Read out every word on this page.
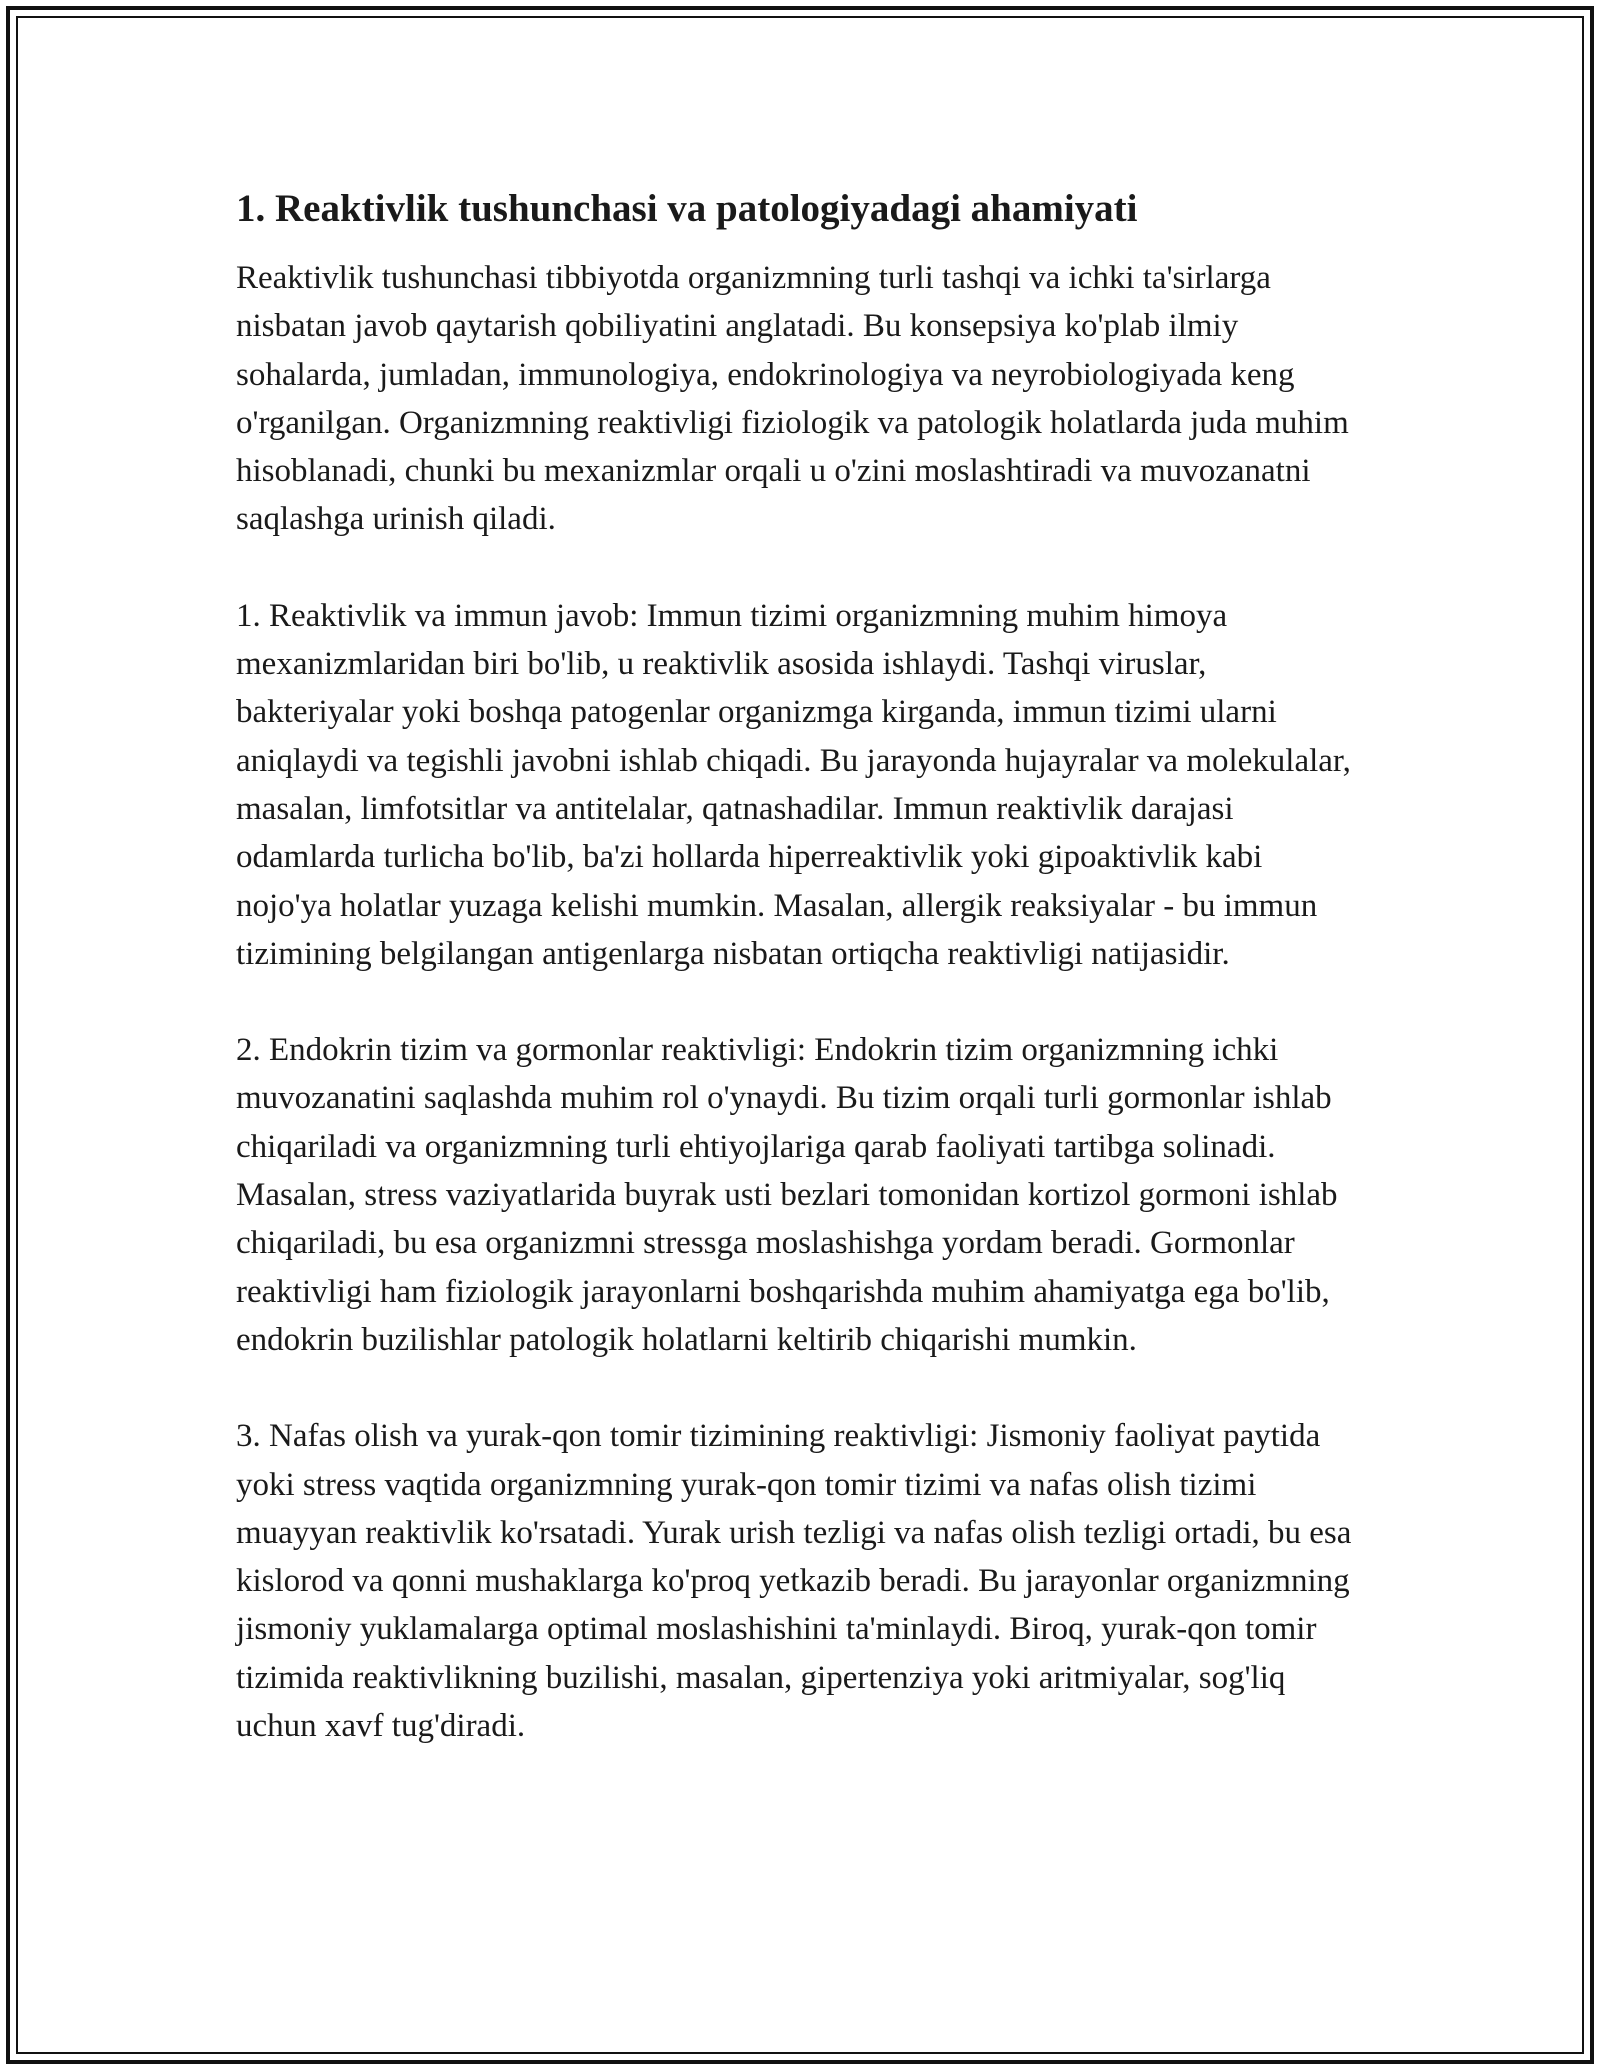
1. Reaktivlik tushunchasi va patologiyadagi ahamiyati

Reaktivlik tushunchasi tibbiyotda organizmning turli tashqi va ichki ta'sirlarga nisbatan javob qaytarish qobiliyatini anglatadi. Bu konsepsiya ko'plab ilmiy sohalarda, jumladan, immunologiya, endokrinologiya va neyrobiologiyada keng o'rganilgan. Organizmning reaktivligi fiziologik va patologik holatlarda juda muhim hisoblanadi, chunki bu mexanizmlar orqali u o'zini moslashtiradi va muvozanatni saqlashga urinish qiladi.

1. Reaktivlik va immun javob: Immun tizimi organizmning muhim himoya mexanizmlaridan biri bo'lib, u reaktivlik asosida ishlaydi. Tashqi viruslar, bakteriyalar yoki boshqa patogenlar organizmga kirganda, immun tizimi ularni aniqlaydi va tegishli javobni ishlab chiqadi. Bu jarayonda hujayralar va molekulalar, masalan, limfotsitlar va antitelalar, qatnashadilar. Immun reaktivlik darajasi odamlarda turlicha bo'lib, ba'zi hollarda hiperreaktivlik yoki gipoaktivlik kabi nojo'ya holatlar yuzaga kelishi mumkin. Masalan, allergik reaksiyalar - bu immun tizimining belgilangan antigenlarga nisbatan ortiqcha reaktivligi natijasidir.

2. Endokrin tizim va gormonlar reaktivligi: Endokrin tizim organizmning ichki muvozanatini saqlashda muhim rol o'ynaydi. Bu tizim orqali turli gormonlar ishlab chiqariladi va organizmning turli ehtiyojlariga qarab faoliyati tartibga solinadi. Masalan, stress vaziyatlarida buyrak usti bezlari tomonidan kortizol gormoni ishlab chiqariladi, bu esa organizmni stressga moslashishga yordam beradi. Gormonlar reaktivligi ham fiziologik jarayonlarni boshqarishda muhim ahamiyatga ega bo'lib, endokrin buzilishlar patologik holatlarni keltirib chiqarishi mumkin.

3. Nafas olish va yurak-qon tomir tizimining reaktivligi: Jismoniy faoliyat paytida yoki stress vaqtida organizmning yurak-qon tomir tizimi va nafas olish tizimi muayyan reaktivlik ko'rsatadi. Yurak urish tezligi va nafas olish tezligi ortadi, bu esa kislorod va qonni mushaklarga ko'proq yetkazib beradi. Bu jarayonlar organizmning jismoniy yuklamalarga optimal moslashishini ta'minlaydi. Biroq, yurak-qon tomir tizimida reaktivlikning buzilishi, masalan, gipertenziya yoki aritmiyalar, sog'liq uchun xavf tug'diradi.
